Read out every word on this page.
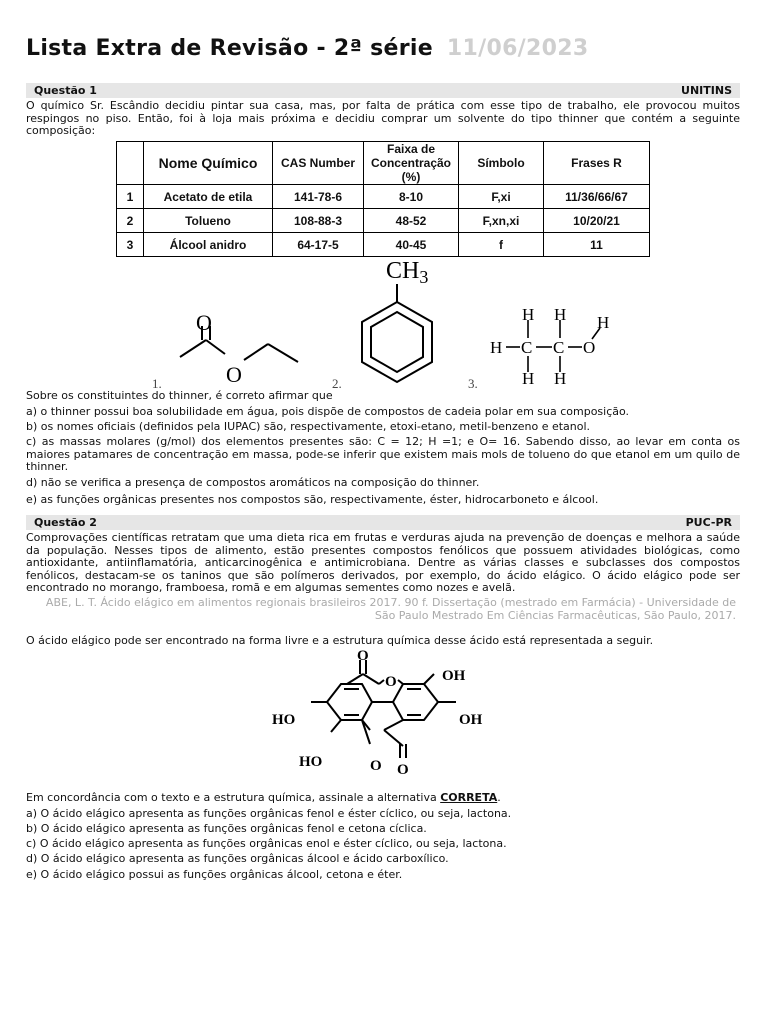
Lista Extra de Revisão - 2ª série 11/06/2023
Questão 1	UNITINS
O químico Sr. Escândio decidiu pintar sua casa, mas, por falta de prática com esse tipo de trabalho, ele provocou muitos respingos no piso. Então, foi à loja mais próxima e decidiu comprar um solvente do tipo thinner que contém a seguinte composição:
	Nome Químico	CAS Number	Faixa de Concentração (%)	Símbolo	Frases R
1	Acetato de etila	141-78-6	8-10	F,xi	11/36/66/67
2	Tolueno	108-88-3	48-52	F,xn,xi	10/20/21
3	Álcool anidro	64-17-5	40-45	f	11
O
O
1.
$CH_3$
2.
H C C O
H H H
H H
3.
Sobre os constituintes do thinner, é correto afirmar que
a) o thinner possui boa solubilidade em água, pois dispõe de compostos de cadeia polar em sua composição.
b) os nomes oficiais (definidos pela IUPAC) são, respectivamente, etoxi-etano, metil-benzeno e etanol.
c) as massas molares (g/mol) dos elementos presentes são: C = 12; H =1; e O= 16. Sabendo disso, ao levar em conta os maiores patamares de concentração em massa, pode-se inferir que existem mais mols de tolueno do que etanol em um quilo de thinner.
d) não se verifica a presença de compostos aromáticos na composição do thinner.
e) as funções orgânicas presentes nos compostos são, respectivamente, éster, hidrocarboneto e álcool.
Questão 2	PUC-PR
Comprovações científicas retratam que uma dieta rica em frutas e verduras ajuda na prevenção de doenças e melhora a saúde da população. Nesses tipos de alimento, estão presentes compostos fenólicos que possuem atividades biológicas, como antioxidante, antiinflamatória, anticarcinogênica e antimicrobiana. Dentre as várias classes e subclasses dos compostos fenólicos, destacam-se os taninos que são polímeros derivados, por exemplo, do ácido elágico. O ácido elágico pode ser encontrado no morango, framboesa, romã e em algumas sementes como nozes e avelã.
ABE, L. T. Ácido elágico em alimentos regionais brasileiros 2017. 90 f. Dissertação (mestrado em Farmácia) - Universidade de São Paulo Mestrado Em Ciências Farmacêuticas, São Paulo, 2017.
O ácido elágico pode ser encontrado na forma livre e a estrutura química desse ácido está representada a seguir.
O
O	OH
OH
HO
HO	O O
Em concordância com o texto e a estrutura química, assinale a alternativa CORRETA.
a) O ácido elágico apresenta as funções orgânicas fenol e éster cíclico, ou seja, lactona.
b) O ácido elágico apresenta as funções orgânicas fenol e cetona cíclica.
c) O ácido elágico apresenta as funções orgânicas enol e éster cíclico, ou seja, lactona.
d) O ácido elágico apresenta as funções orgânicas álcool e ácido carboxílico.
e) O ácido elágico possui as funções orgânicas álcool, cetona e éter.
